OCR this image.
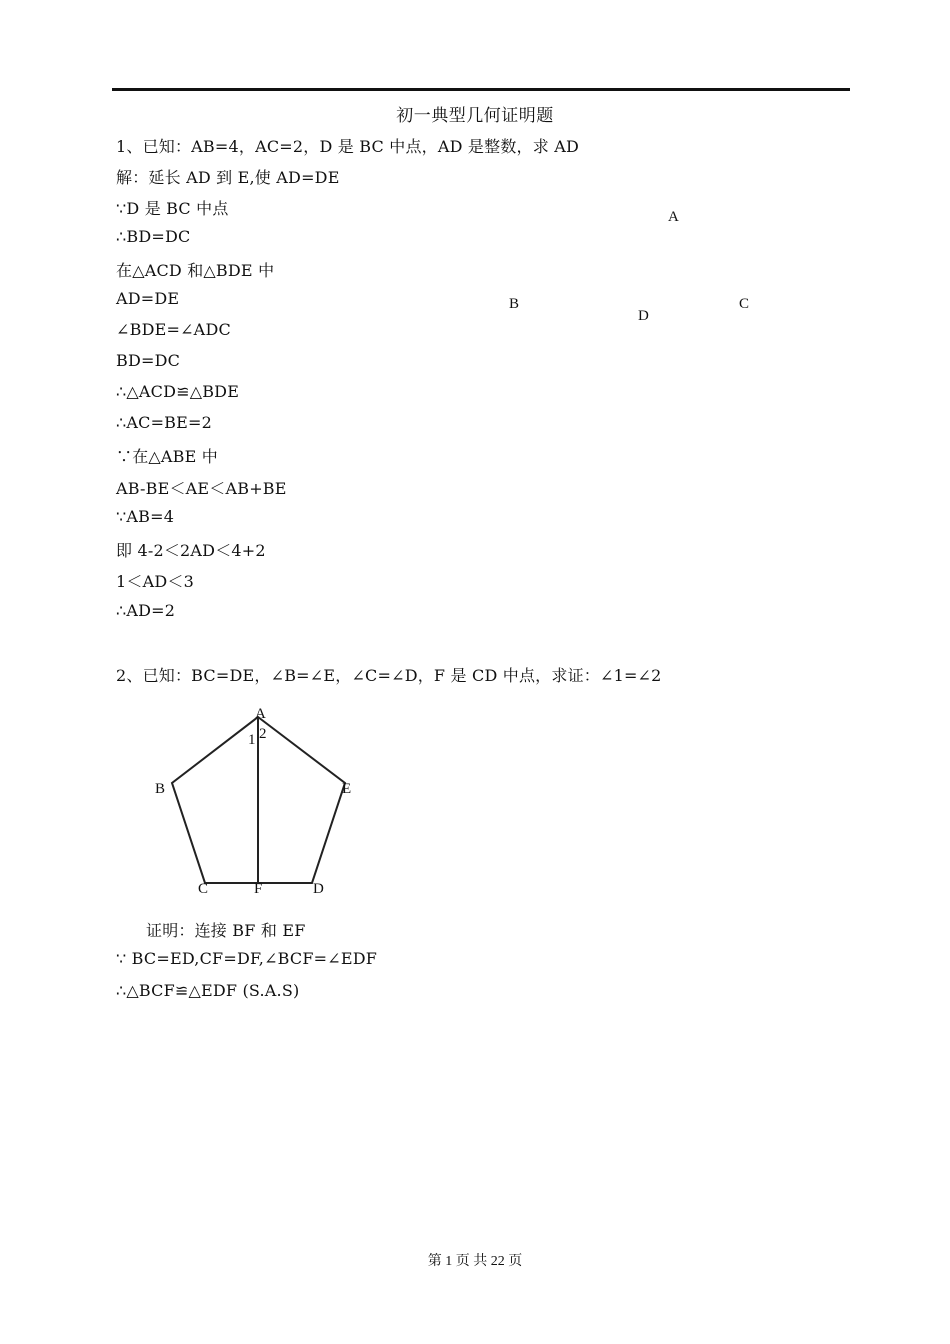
初一典型几何证明题
1、已知：AB=4，AC=2，D 是 BC 中点，AD 是整数，求 AD
解：延长 AD 到 E,使 AD=DE
∵D 是 BC 中点
∴BD=DC
在△ACD 和△BDE 中
AD=DE
∠BDE=∠ADC
BD=DC
∴△ACD≌△BDE
∴AC=BE=2
∵在△ABE 中
AB-BE＜AE＜AB+BE
∵AB=4
即 4-2＜2AD＜4+2
1＜AD＜3
∴AD=2
A
B	C
D
2、已知：BC=DE，∠B=∠E，∠C=∠D，F 是 CD 中点，求证：∠1=∠2
A
1 2
B	E
C	F	D
证明：连接 BF 和 EF
∵ BC=ED,CF=DF,∠BCF=∠EDF
∴△BCF≌△EDF (S.A.S)
第 1 页 共 22 页
